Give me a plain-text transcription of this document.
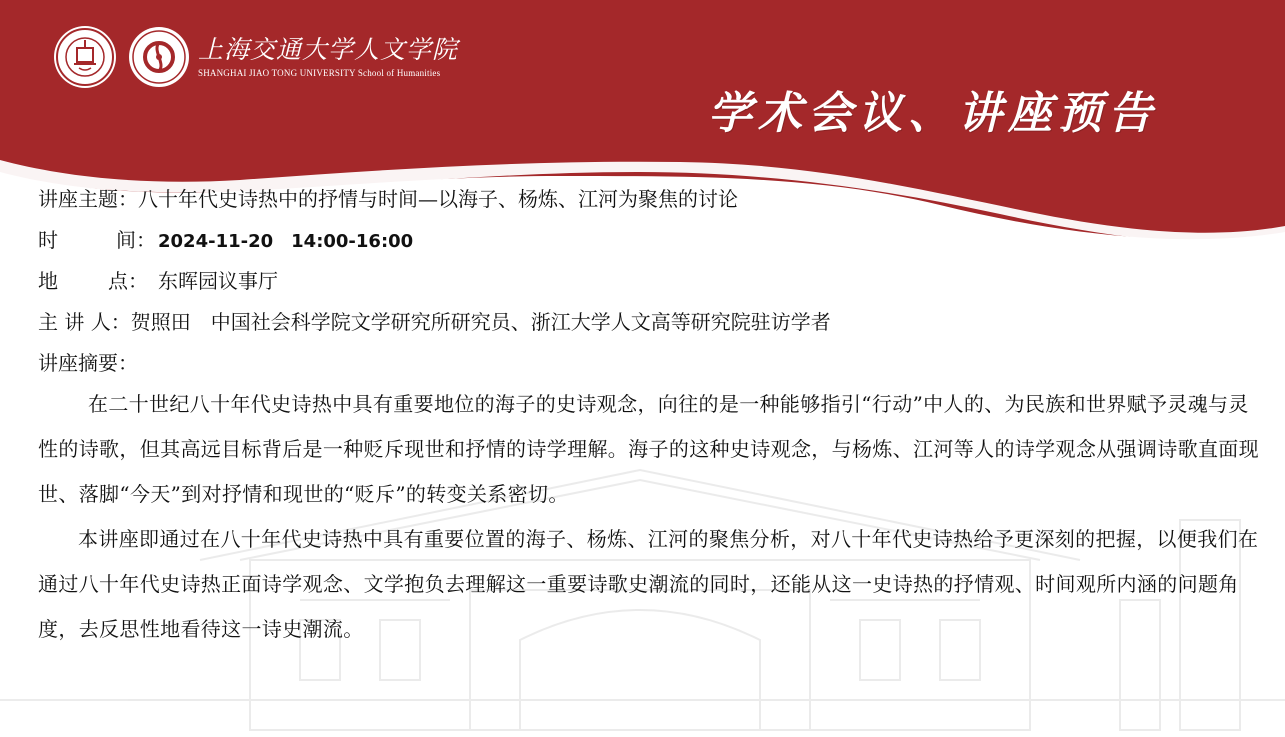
上海交通大学人文学院
SHANGHAI JIAO TONG UNIVERSITY School of Humanities
学术会议、讲座预告
讲座主题：八十年代史诗热中的抒情与时间—以海子、杨炼、江河为聚焦的讨论
时	间： 2024-11-20 14:00-16:00
地	点： 东晖园议事厅
主 讲 人：贺照田　中国社会科学院文学研究所研究员、浙江大学人文高等研究院驻访学者
讲座摘要：

在二十世纪八十年代史诗热中具有重要地位的海子的史诗观念，向往的是一种能够指引“行动”中人的、为民族和世界赋予灵魂与灵性的诗歌，但其高远目标背后是一种贬斥现世和抒情的诗学理解。海子的这种史诗观念，与杨炼、江河等人的诗学观念从强调诗歌直面现世、落脚“今天”到对抒情和现世的“贬斥”的转变关系密切。

本讲座即通过在八十年代史诗热中具有重要位置的海子、杨炼、江河的聚焦分析，对八十年代史诗热给予更深刻的把握，以便我们在通过八十年代史诗热正面诗学观念、文学抱负去理解这一重要诗歌史潮流的同时，还能从这一史诗热的抒情观、时间观所内涵的问题角度，去反思性地看待这一诗史潮流。
